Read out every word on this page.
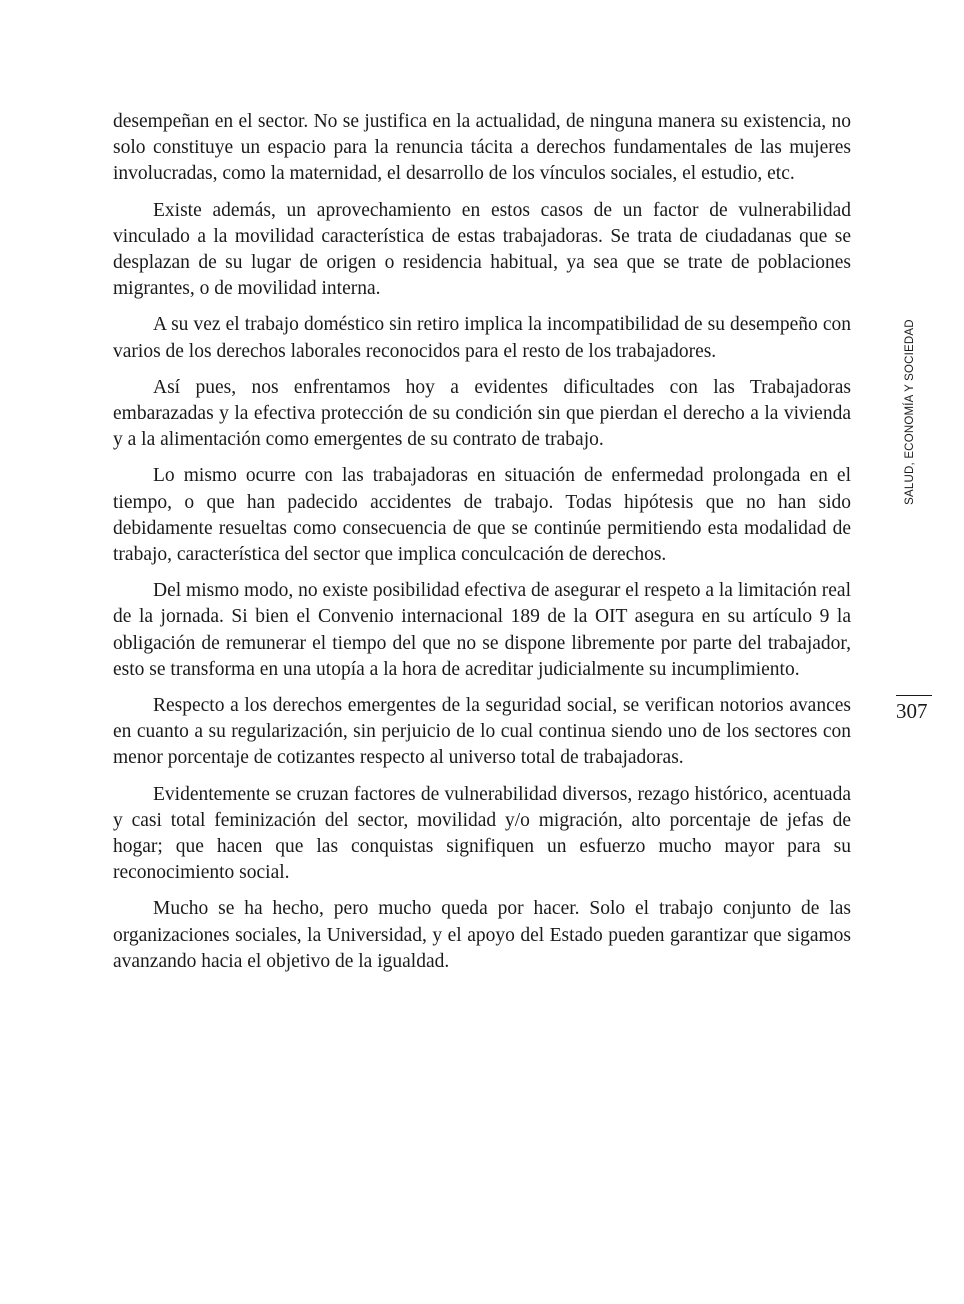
desempeñan en el sector. No se justifica en la actualidad, de ninguna manera su existencia, no solo constituye un espacio para la renuncia tácita a derechos fundamentales de las mujeres involucradas, como la maternidad, el desarrollo de los vínculos sociales, el estudio, etc.

Existe además, un aprovechamiento en estos casos de un factor de vulnerabilidad vinculado a la movilidad característica de estas trabajadoras. Se trata de ciudadanas que se desplazan de su lugar de origen o residencia habitual, ya sea que se trate de poblaciones migrantes, o de movilidad interna.

A su vez el trabajo doméstico sin retiro implica la incompatibilidad de su desempeño con varios de los derechos laborales reconocidos para el resto de los trabajadores.

Así pues, nos enfrentamos hoy a evidentes dificultades con las Trabajadoras embarazadas y la efectiva protección de su condición sin que pierdan el derecho a la vivienda y a la alimentación como emergentes de su contrato de trabajo.

Lo mismo ocurre con las trabajadoras en situación de enfermedad prolongada en el tiempo, o que han padecido accidentes de trabajo. Todas hipótesis que no han sido debidamente resueltas como consecuencia de que se continúe permitiendo esta modalidad de trabajo, característica del sector que implica conculcación de derechos.

Del mismo modo, no existe posibilidad efectiva de asegurar el respeto a la limitación real de la jornada. Si bien el Convenio internacional 189 de la OIT asegura en su artículo 9 la obligación de remunerar el tiempo del que no se dispone libremente por parte del trabajador, esto se transforma en una utopía a la hora de acreditar judicialmente su incumplimiento.

Respecto a los derechos emergentes de la seguridad social, se verifican notorios avances en cuanto a su regularización, sin perjuicio de lo cual continua siendo uno de los sectores con menor porcentaje de cotizantes respecto al universo total de trabajadoras.

Evidentemente se cruzan factores de vulnerabilidad diversos, rezago histórico, acentuada y casi total feminización del sector, movilidad y/o migración, alto porcentaje de jefas de hogar; que hacen que las conquistas signifiquen un esfuerzo mucho mayor para su reconocimiento social.

Mucho se ha hecho, pero mucho queda por hacer. Solo el trabajo conjunto de las organizaciones sociales, la Universidad, y el apoyo del Estado pueden garantizar que sigamos avanzando hacia el objetivo de la igualdad.

SALUD, ECONOMÍA Y SOCIEDAD
307
